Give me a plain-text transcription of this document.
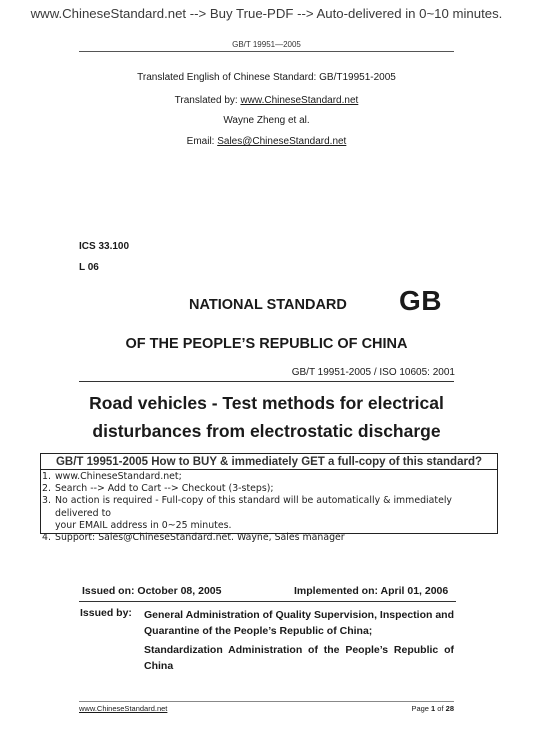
www.ChineseStandard.net --> Buy True-PDF --> Auto-delivered in 0~10 minutes.
GB/T 19951—2005
Translated English of Chinese Standard: GB/T19951-2005
Translated by: www.ChineseStandard.net
Wayne Zheng et al.
Email: Sales@ChineseStandard.net
ICS 33.100
L 06
NATIONAL STANDARD GB
OF THE PEOPLE’S REPUBLIC OF CHINA
GB/T 19951-2005 / ISO 10605: 2001
Road vehicles - Test methods for electrical
disturbances from electrostatic discharge
GB/T 19951-2005 How to BUY & immediately GET a full-copy of this standard?
1. www.ChineseStandard.net;
2. Search --> Add to Cart --> Checkout (3-steps);
3. No action is required - Full-copy of this standard will be automatically & immediately delivered to
your EMAIL address in 0~25 minutes.
4. Support: Sales@ChineseStandard.net. Wayne, Sales manager
Issued on: October 08, 2005	Implemented on: April 01, 2006
Issued by: General Administration of Quality Supervision, Inspection and Quarantine of the People’s Republic of China;
Standardization Administration of the People’s Republic of China
www.ChineseStandard.net	Page 1 of 28
